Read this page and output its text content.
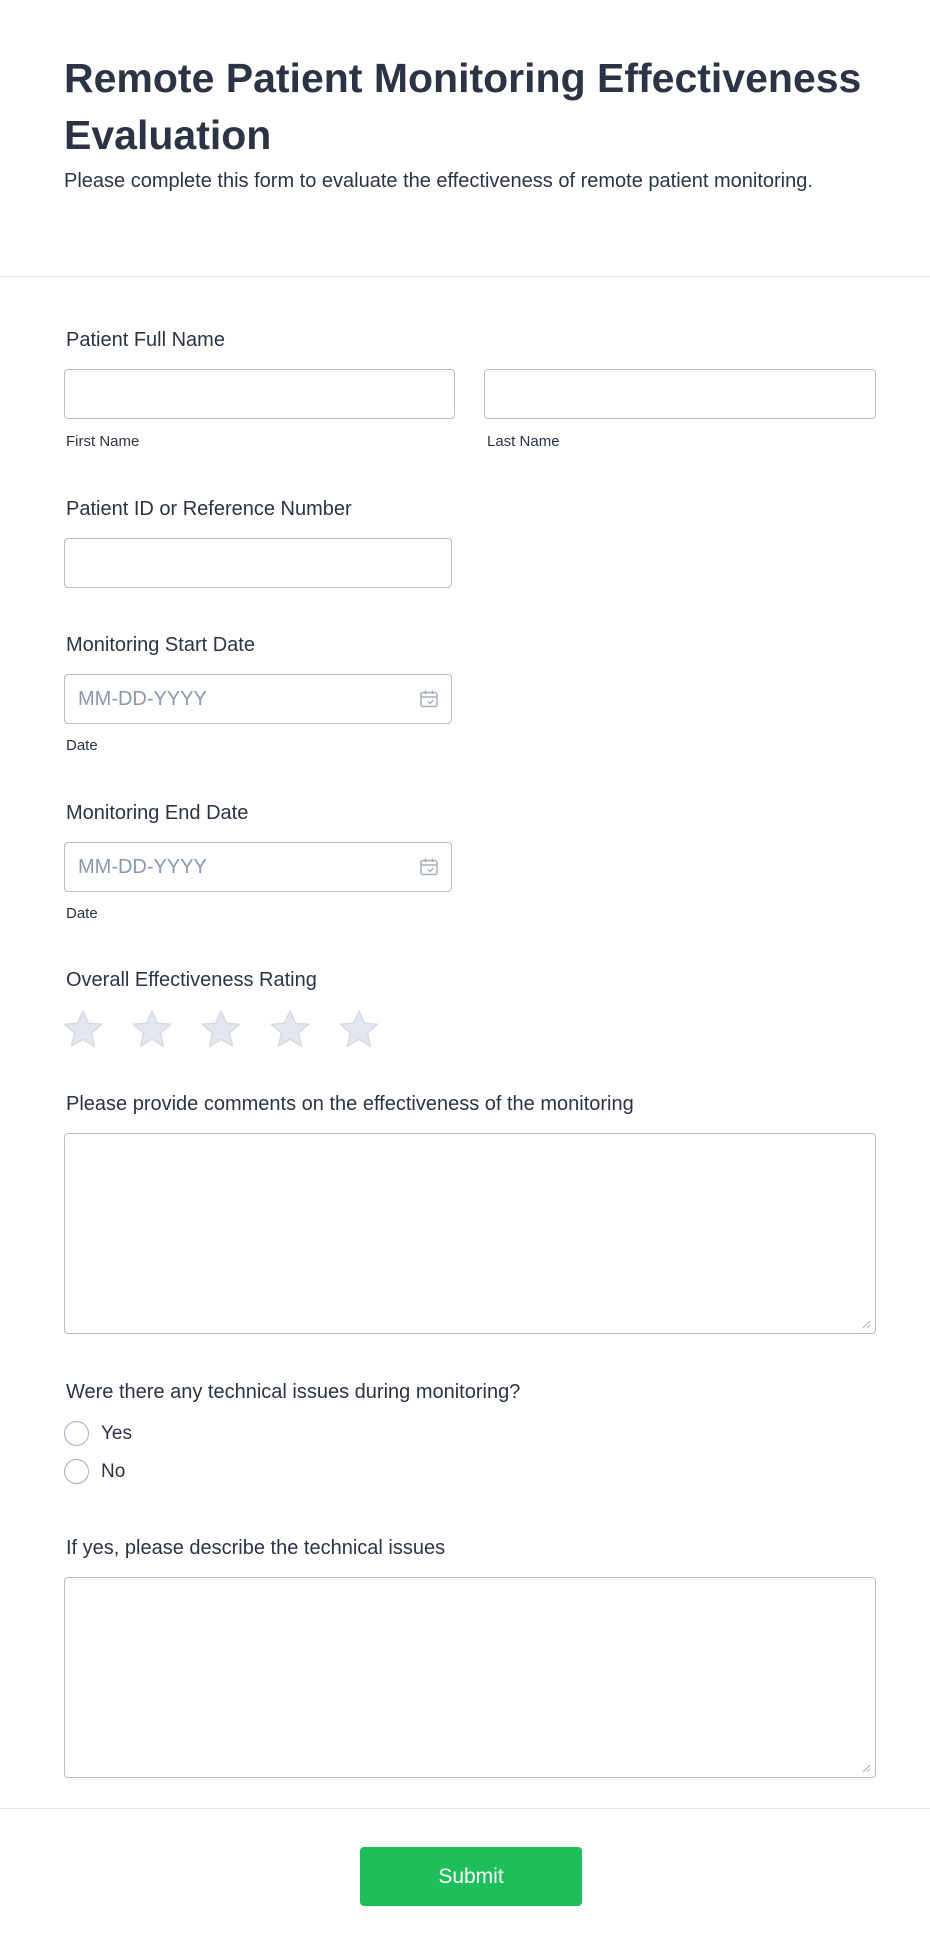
Remote Patient Monitoring Effectiveness Evaluation

Please complete this form to evaluate the effectiveness of remote patient monitoring.

Patient Full Name
First Name	Last Name
Patient ID or Reference Number
Monitoring Start Date
MM-DD-YYYY
Date
Monitoring End Date
MM-DD-YYYY
Date
Overall Effectiveness Rating
Please provide comments on the effectiveness of the monitoring
Were there any technical issues during monitoring?
Yes
No
If yes, please describe the technical issues
Submit
